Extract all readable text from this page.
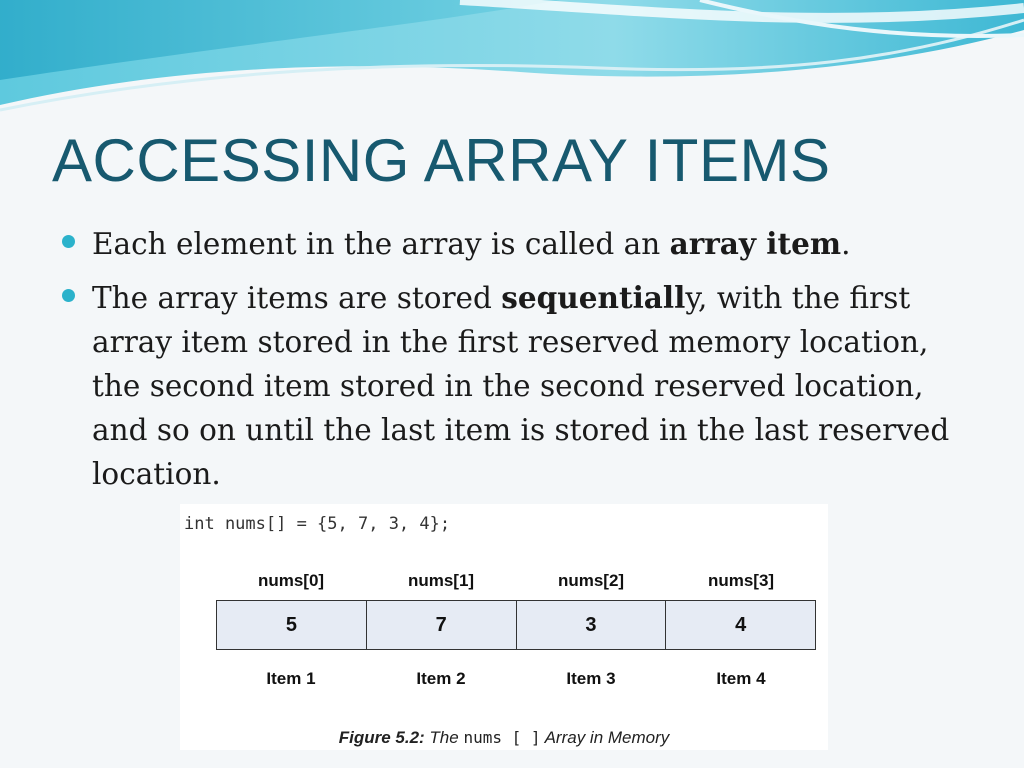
ACCESSING ARRAY ITEMS
Each element in the array is called an array item.
The array items are stored sequentially, with the first array item stored in the first reserved memory location, the second item stored in the second reserved location, and so on until the last item is stored in the last reserved location.
int nums[] = {5, 7, 3, 4};
nums[0]	nums[1]	nums[2]	nums[3]
5	7	3	4
Item 1	Item 2	Item 3	Item 4
Figure 5.2: The nums [ ] Array in Memory
